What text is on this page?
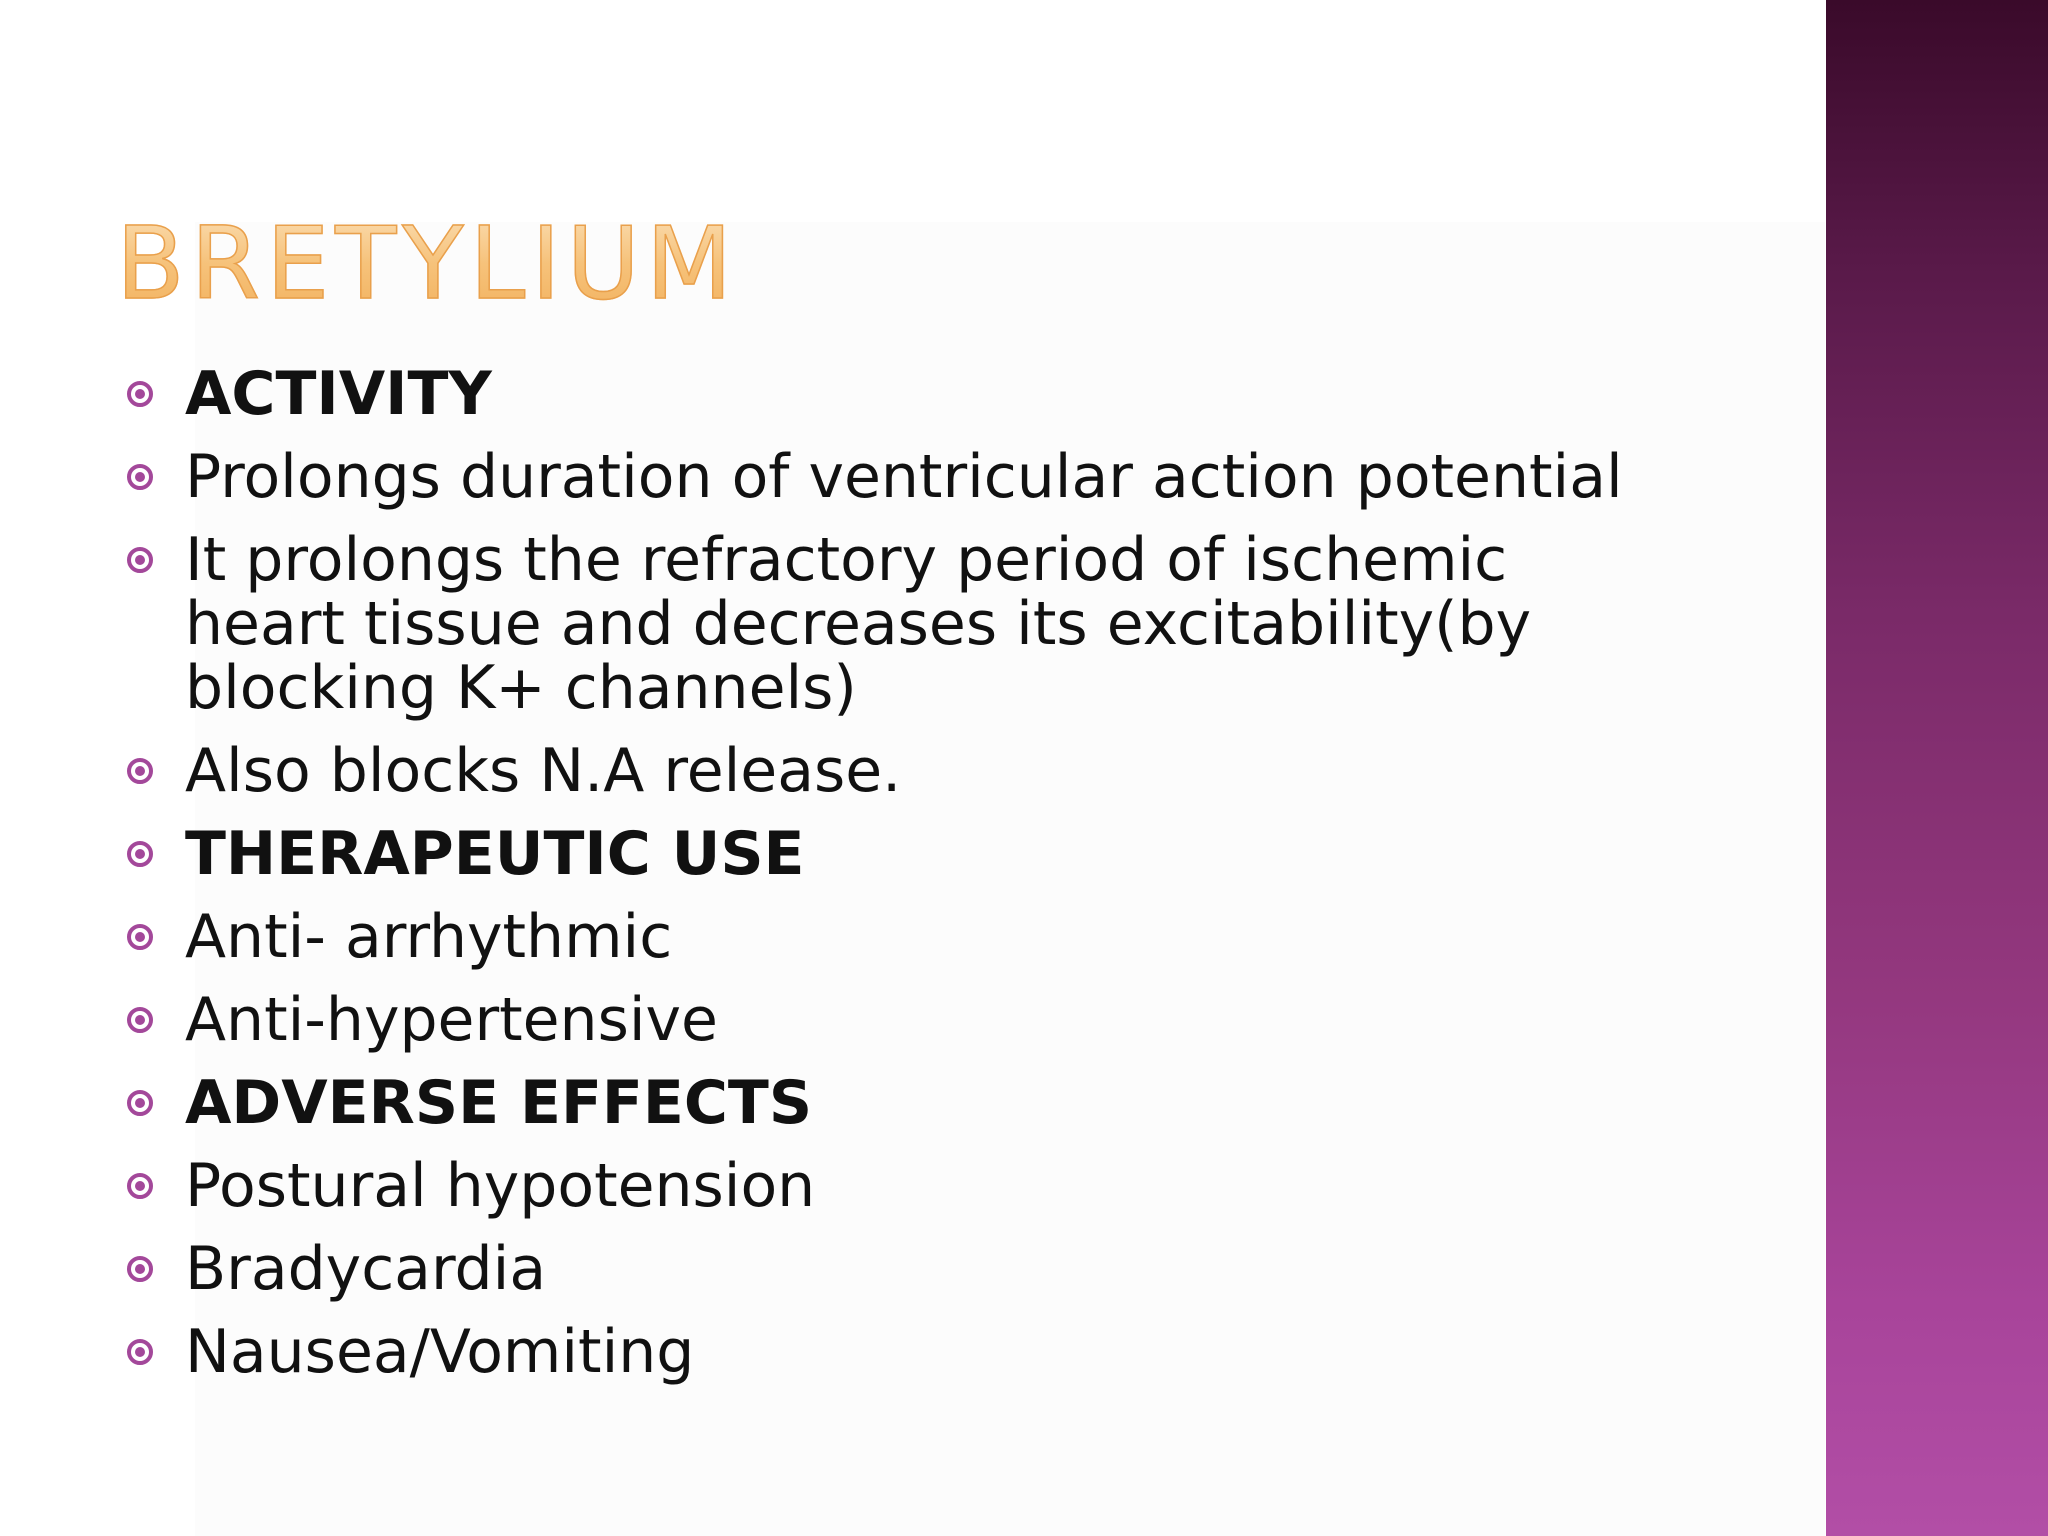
BRETYLIUM
ACTIVITY
Prolongs duration of ventricular action potential
It prolongs the refractory period of ischemic
heart tissue and decreases its excitability(by
blocking K+ channels)
Also blocks N.A release.
THERAPEUTIC USE
Anti- arrhythmic
Anti-hypertensive
ADVERSE EFFECTS
Postural hypotension
Bradycardia
Nausea/Vomiting
